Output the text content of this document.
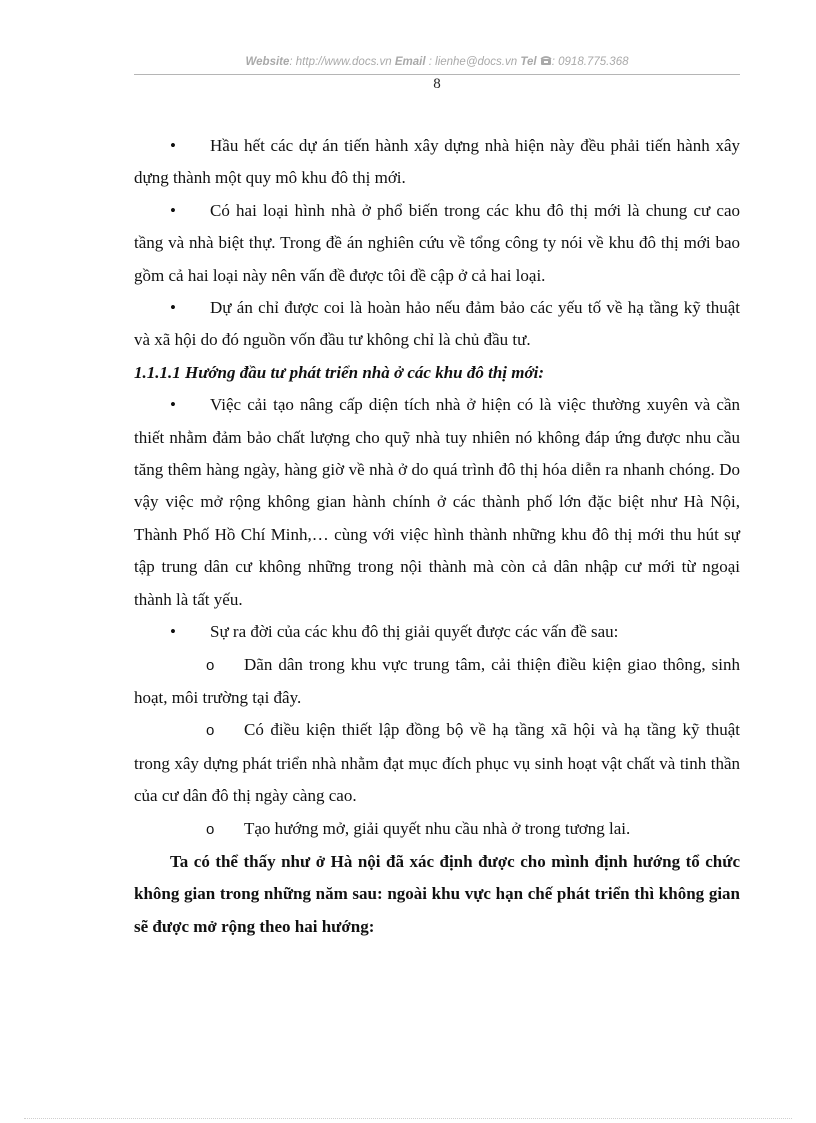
Website: http://www.docs.vn Email : lienhe@docs.vn Tel : 0918.775.368
8

• Hầu hết các dự án tiến hành xây dựng nhà hiện này đều phải tiến hành xây dựng thành một quy mô khu đô thị mới.

• Có hai loại hình nhà ở phổ biến trong các khu đô thị mới là chung cư cao tầng và nhà biệt thự. Trong đề án nghiên cứu về tổng công ty nói về khu đô thị mới bao gồm cả hai loại này nên vấn đề được tôi đề cập ở cả hai loại.

• Dự án chỉ được coi là hoàn hảo nếu đảm bảo các yếu tố về hạ tầng kỹ thuật và xã hội do đó nguồn vốn đầu tư không chỉ là chủ đầu tư.

1.1.1.1 Hướng đầu tư phát triển nhà ở các khu đô thị mới:

• Việc cải tạo nâng cấp diện tích nhà ở hiện có là việc thường xuyên và cần thiết nhằm đảm bảo chất lượng cho quỹ nhà tuy nhiên nó không đáp ứng được nhu cầu tăng thêm hàng ngày, hàng giờ về nhà ở do quá trình đô thị hóa diễn ra nhanh chóng. Do vậy việc mở rộng không gian hành chính ở các thành phố lớn đặc biệt như Hà Nội, Thành Phố Hồ Chí Minh,… cùng với việc hình thành những khu đô thị mới thu hút sự tập trung dân cư không những trong nội thành mà còn cả dân nhập cư mới từ ngoại thành là tất yếu.

• Sự ra đời của các khu đô thị giải quyết được các vấn đề sau:

o Dãn dân trong khu vực trung tâm, cải thiện điều kiện giao thông, sinh hoạt, môi trường tại đây.

o Có điều kiện thiết lập đồng bộ về hạ tầng xã hội và hạ tầng kỹ thuật trong xây dựng phát triển nhà nhằm đạt mục đích phục vụ sinh hoạt vật chất và tinh thần của cư dân đô thị ngày càng cao.

o Tạo hướng mở, giải quyết nhu cầu nhà ở trong tương lai.

Ta có thể thấy như ở Hà nội đã xác định được cho mình định hướng tổ chức không gian trong những năm sau: ngoài khu vực hạn chế phát triển thì không gian sẽ được mở rộng theo hai hướng:
